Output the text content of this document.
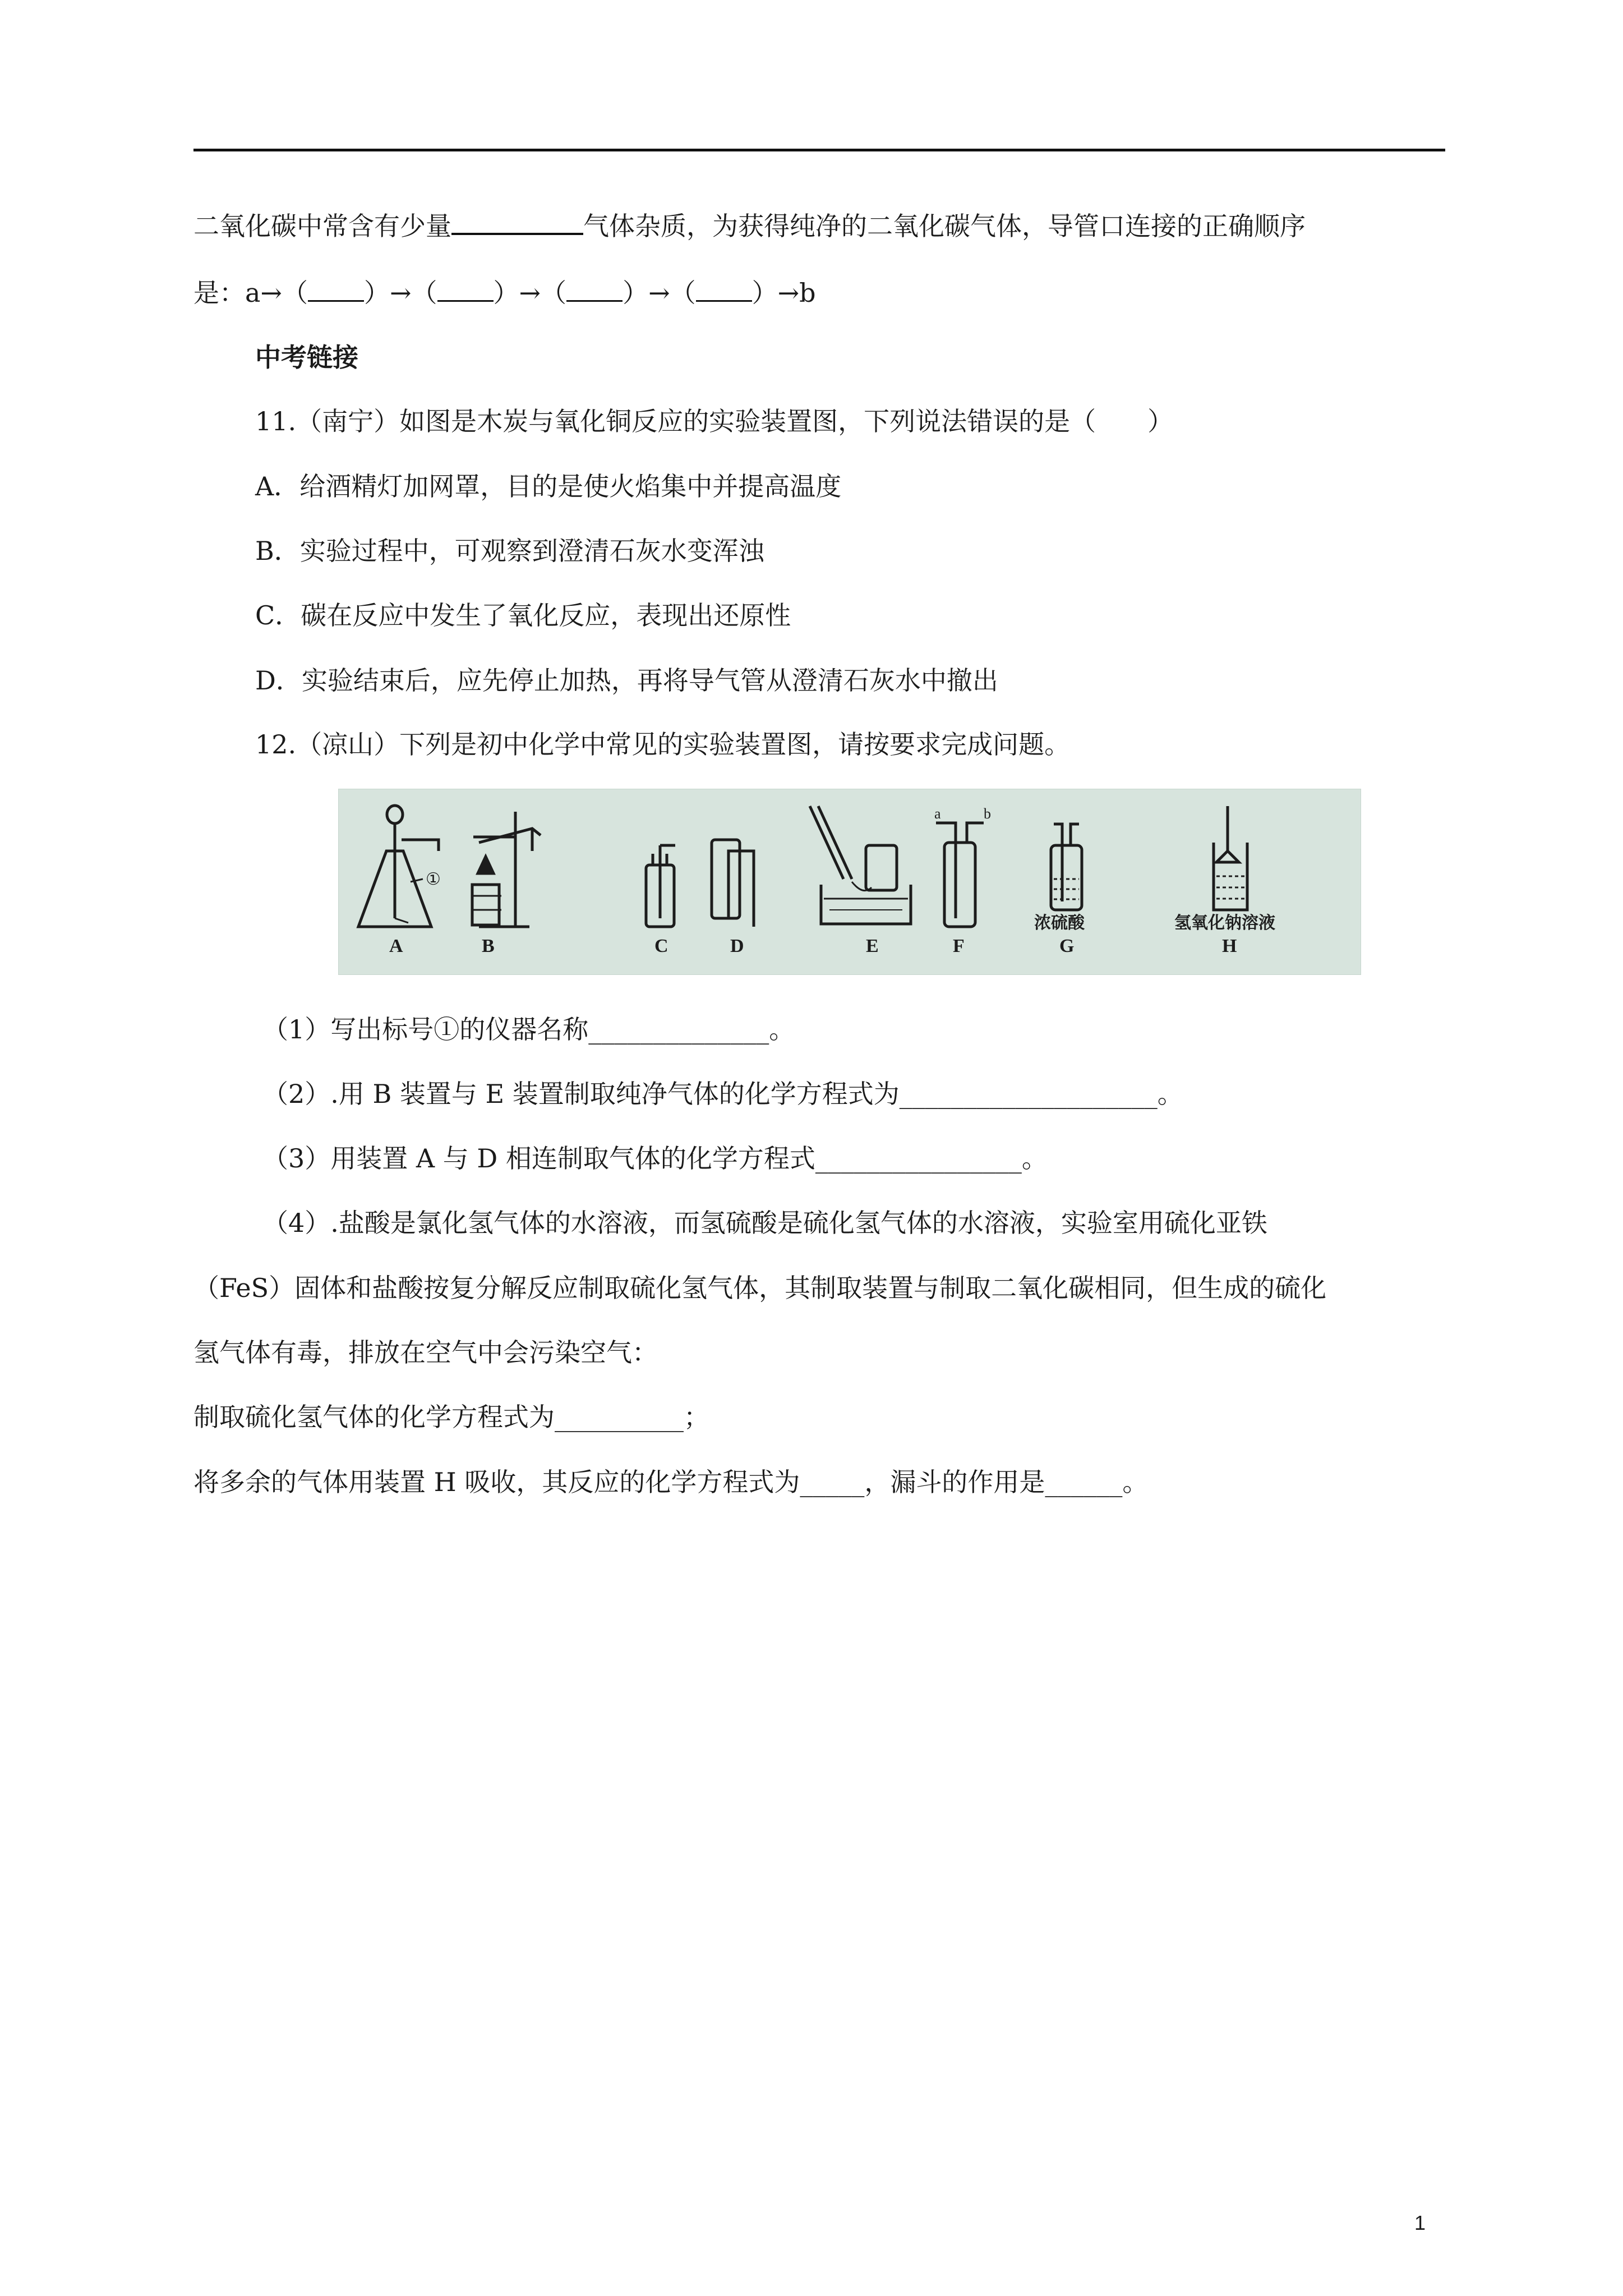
二氧化碳中常含有少量	气体杂质，为获得纯净的二氧化碳气体，导管口连接的正确顺序
是：a→（ ）→（ ）→（ ）→（ ）→b
中考链接
11.（南宁）如图是木炭与氧化铜反应的实验装置图，下列说法错误的是（　　）
A．给酒精灯加网罩，目的是使火焰集中并提高温度
B．实验过程中，可观察到澄清石灰水变浑浊
C．碳在反应中发生了氧化反应，表现出还原性
D．实验结束后，应先停止加热，再将导气管从澄清石灰水中撤出
12.（凉山）下列是初中化学中常见的实验装置图，请按要求完成问题。
①
a	b
A	B	C	D	E	F	G	H
浓硫酸	氢氧化钠溶液
（1）写出标号①的仪器名称______________。
（2）.用 B 装置与 E 装置制取纯净气体的化学方程式为____________________。
（3）用装置 A 与 D 相连制取气体的化学方程式________________。
（4）.盐酸是氯化氢气体的水溶液，而氢硫酸是硫化氢气体的水溶液，实验室用硫化亚铁
（FeS）固体和盐酸按复分解反应制取硫化氢气体，其制取装置与制取二氧化碳相同，但生成的硫化
氢气体有毒，排放在空气中会污染空气：
制取硫化氢气体的化学方程式为__________；
将多余的气体用装置 H 吸收，其反应的化学方程式为_____，漏斗的作用是______。
1
